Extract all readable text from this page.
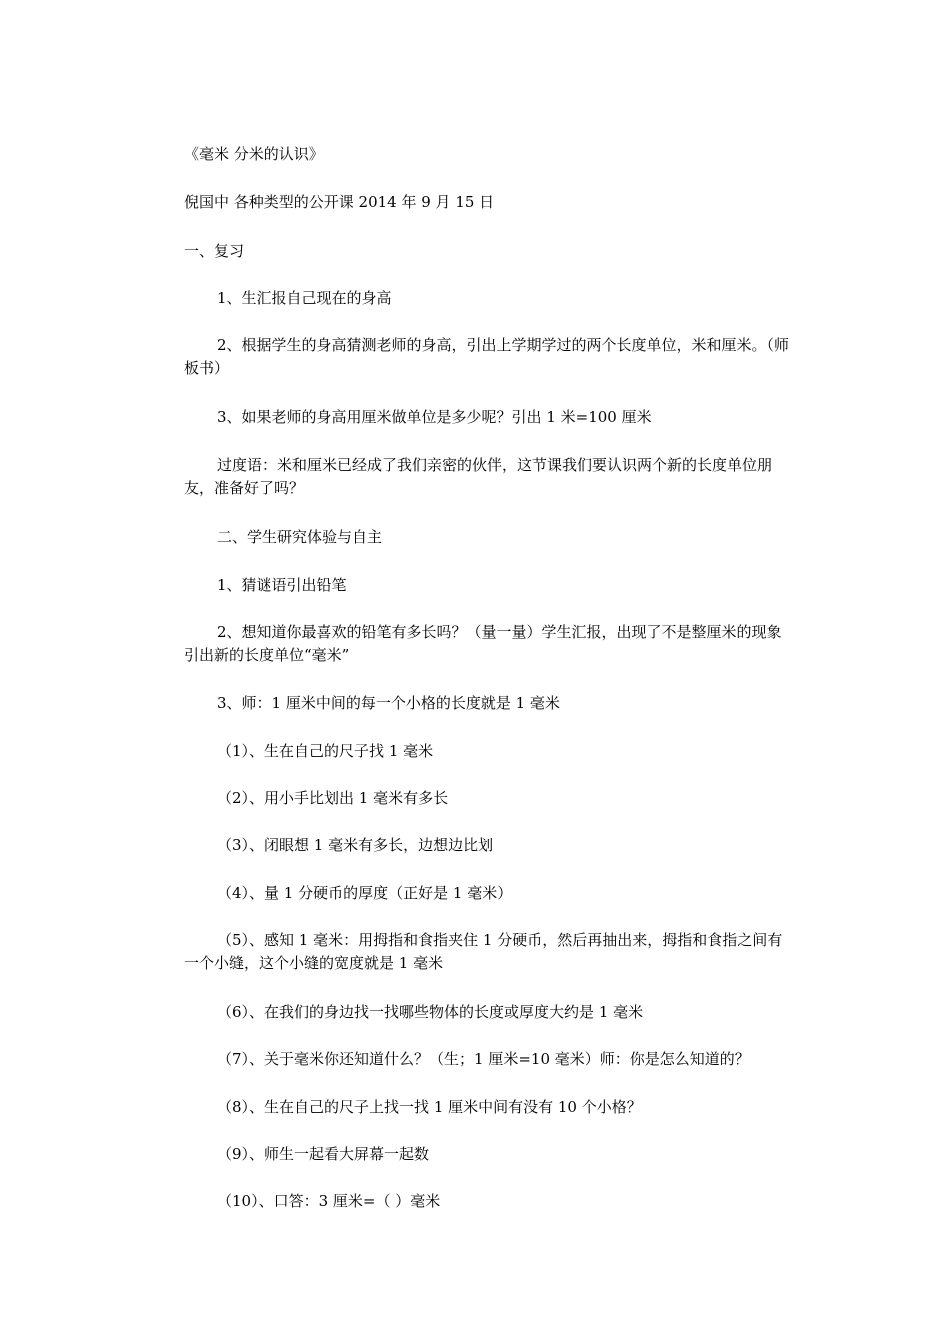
《毫米 分米的认识》
倪国中 各种类型的公开课 2014 年 9 月 15 日
一、复习
1、生汇报自己现在的身高
2、根据学生的身高猜测老师的身高，引出上学期学过的两个长度单位，米和厘米。（师板书）
3、如果老师的身高用厘米做单位是多少呢？引出 1 米=100 厘米
过度语：米和厘米已经成了我们亲密的伙伴，这节课我们要认识两个新的长度单位朋友，准备好了吗？
二、学生研究体验与自主
1、猜谜语引出铅笔
2、想知道你最喜欢的铅笔有多长吗？（量一量）学生汇报，出现了不是整厘米的现象引出新的长度单位“毫米”
3、师：1 厘米中间的每一个小格的长度就是 1 毫米
（1）、生在自己的尺子找 1 毫米
（2）、用小手比划出 1 毫米有多长
（3）、闭眼想 1 毫米有多长，边想边比划
（4）、量 1 分硬币的厚度（正好是 1 毫米）
（5）、感知 1 毫米：用拇指和食指夹住 1 分硬币，然后再抽出来，拇指和食指之间有一个小缝，这个小缝的宽度就是 1 毫米
（6）、在我们的身边找一找哪些物体的长度或厚度大约是 1 毫米
（7）、关于毫米你还知道什么？（生；1 厘米=10 毫米）师：你是怎么知道的？
（8）、生在自己的尺子上找一找 1 厘米中间有没有 10 个小格？
（9）、师生一起看大屏幕一起数
（10）、口答：3 厘米=（ ）毫米
